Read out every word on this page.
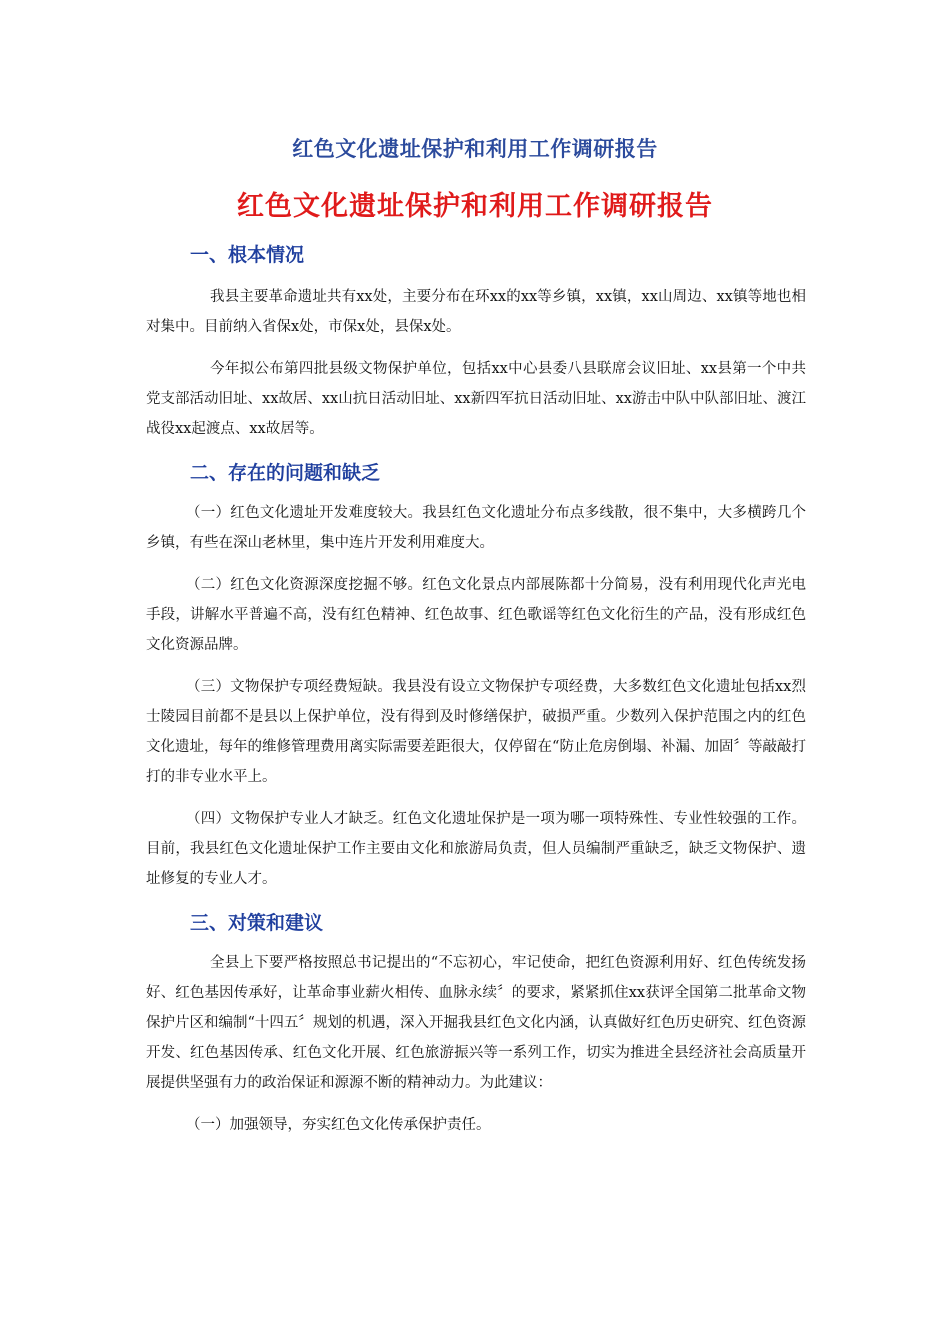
红色文化遗址保护和利用工作调研报告
红色文化遗址保护和利用工作调研报告
一、根本情况

我县主要革命遗址共有xx处，主要分布在环xx的xx等乡镇，xx镇，xx山周边、xx镇等地也相对集中。目前纳入省保x处，市保x处，县保x处。

今年拟公布第四批县级文物保护单位，包括xx中心县委八县联席会议旧址、xx县第一个中共党支部活动旧址、xx故居、xx山抗日活动旧址、xx新四军抗日活动旧址、xx游击中队中队部旧址、渡江战役xx起渡点、xx故居等。

二、存在的问题和缺乏

（一）红色文化遗址开发难度较大。我县红色文化遗址分布点多线散，很不集中，大多横跨几个乡镇，有些在深山老林里，集中连片开发利用难度大。

（二）红色文化资源深度挖掘不够。红色文化景点内部展陈都十分简易，没有利用现代化声光电手段，讲解水平普遍不高，没有红色精神、红色故事、红色歌谣等红色文化衍生的产品，没有形成红色文化资源品牌。

（三）文物保护专项经费短缺。我县没有设立文物保护专项经费，大多数红色文化遗址包括xx烈士陵园目前都不是县以上保护单位，没有得到及时修缮保护，破损严重。少数列入保护范围之内的红色文化遗址，每年的维修管理费用离实际需要差距很大，仅停留在“防止危房倒塌、补漏、加固〞等敲敲打打的非专业水平上。

（四）文物保护专业人才缺乏。红色文化遗址保护是一项为哪一项特殊性、专业性较强的工作。目前，我县红色文化遗址保护工作主要由文化和旅游局负责，但人员编制严重缺乏，缺乏文物保护、遗址修复的专业人才。

三、对策和建议

全县上下要严格按照总书记提出的“不忘初心，牢记使命，把红色资源利用好、红色传统发扬好、红色基因传承好，让革命事业薪火相传、血脉永续〞的要求，紧紧抓住xx获评全国第二批革命文物保护片区和编制“十四五〞规划的机遇，深入开掘我县红色文化内涵，认真做好红色历史研究、红色资源开发、红色基因传承、红色文化开展、红色旅游振兴等一系列工作，切实为推进全县经济社会高质量开展提供坚强有力的政治保证和源源不断的精神动力。为此建议：

（一）加强领导，夯实红色文化传承保护责任。
